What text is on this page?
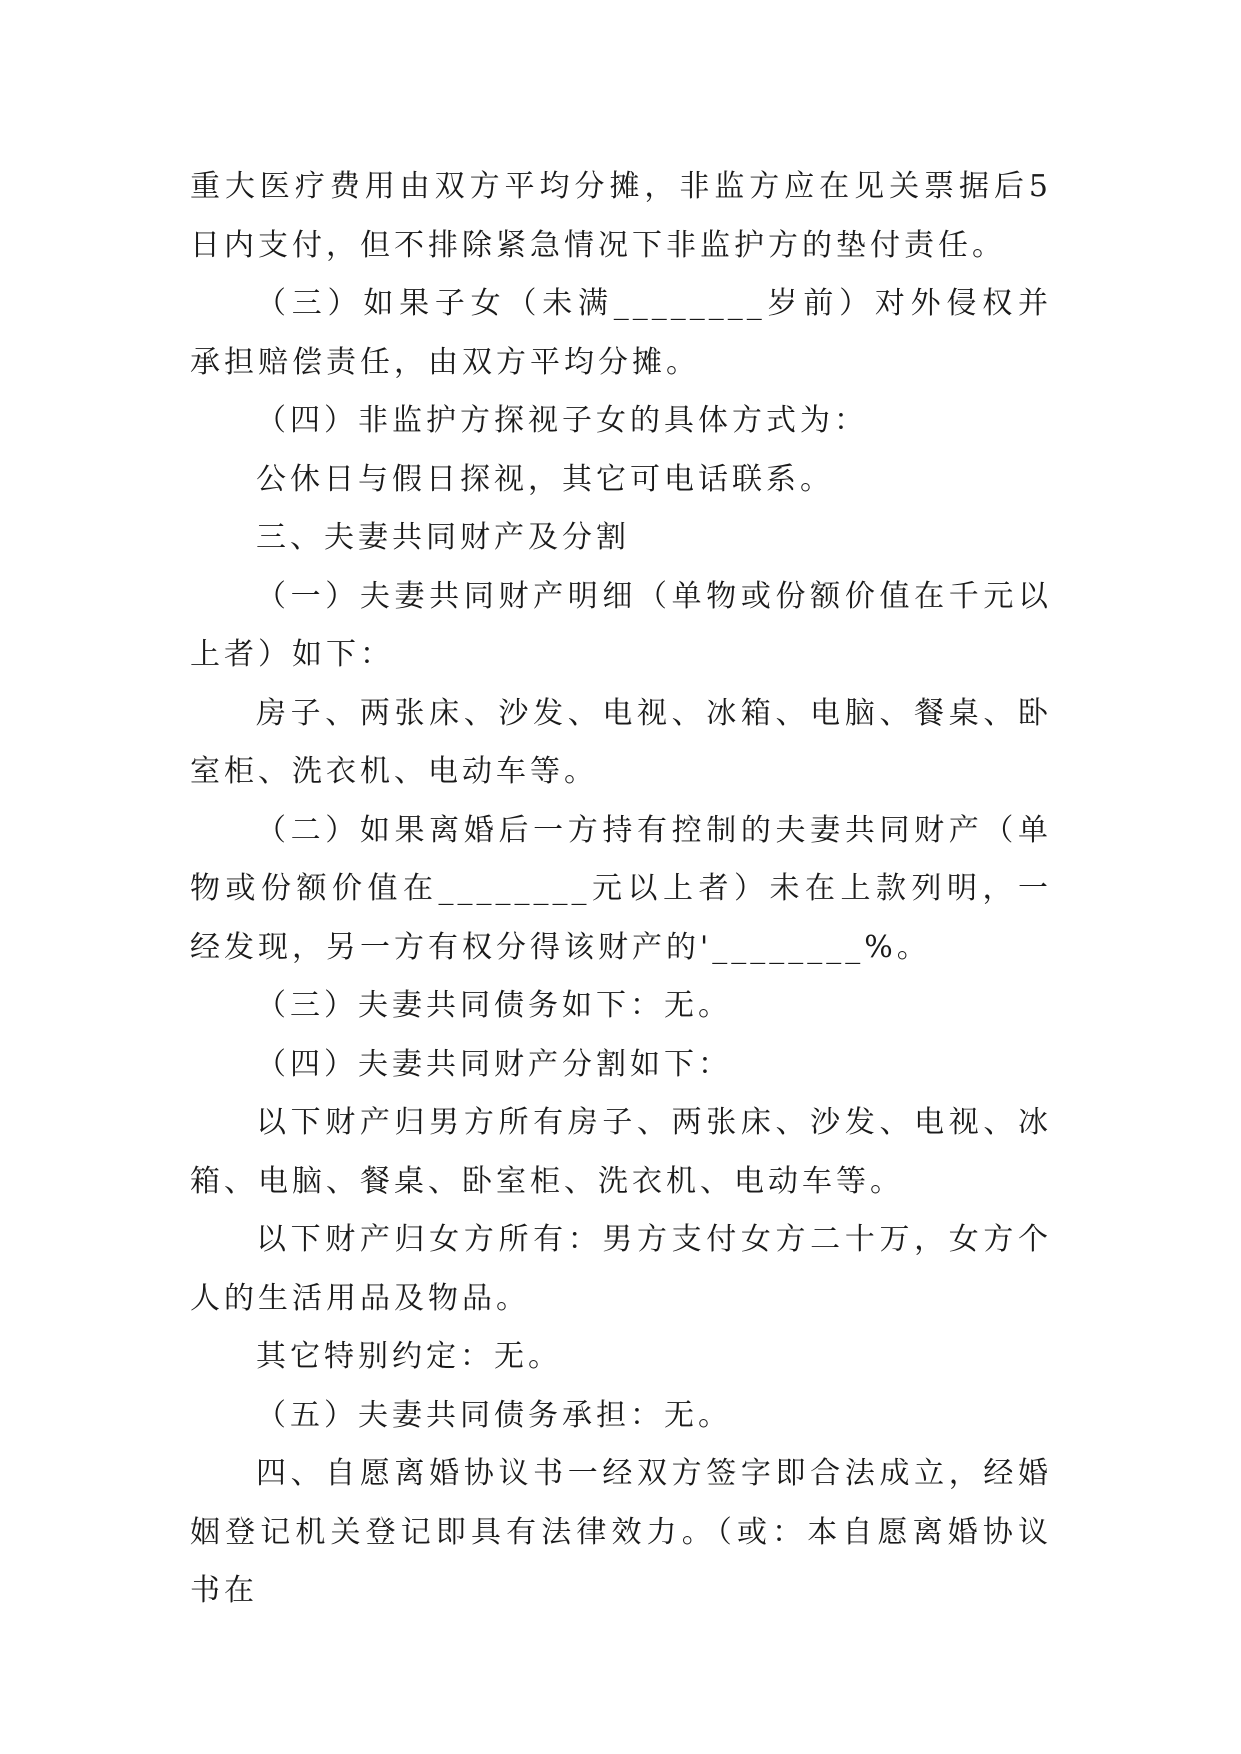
重大医疗费用由双方平均分摊，非监方应在见关票据后5日内支付，但不排除紧急情况下非监护方的垫付责任。

（三）如果子女（未满________岁前）对外侵权并承担赔偿责任，由双方平均分摊。

（四）非监护方探视子女的具体方式为：

公休日与假日探视，其它可电话联系。

三、夫妻共同财产及分割

（一）夫妻共同财产明细（单物或份额价值在千元以上者）如下：

房子、两张床、沙发、电视、冰箱、电脑、餐桌、卧室柜、洗衣机、电动车等。

（二）如果离婚后一方持有控制的夫妻共同财产（单物或份额价值在________元以上者）未在上款列明，一经发现，另一方有权分得该财产的'________%。

（三）夫妻共同债务如下：无。

（四）夫妻共同财产分割如下：

以下财产归男方所有房子、两张床、沙发、电视、冰箱、电脑、餐桌、卧室柜、洗衣机、电动车等。

以下财产归女方所有：男方支付女方二十万，女方个人的生活用品及物品。

其它特别约定：无。

（五）夫妻共同债务承担：无。

四、自愿离婚协议书一经双方签字即合法成立，经婚姻登记机关登记即具有法律效力。（或：本自愿离婚协议书在
